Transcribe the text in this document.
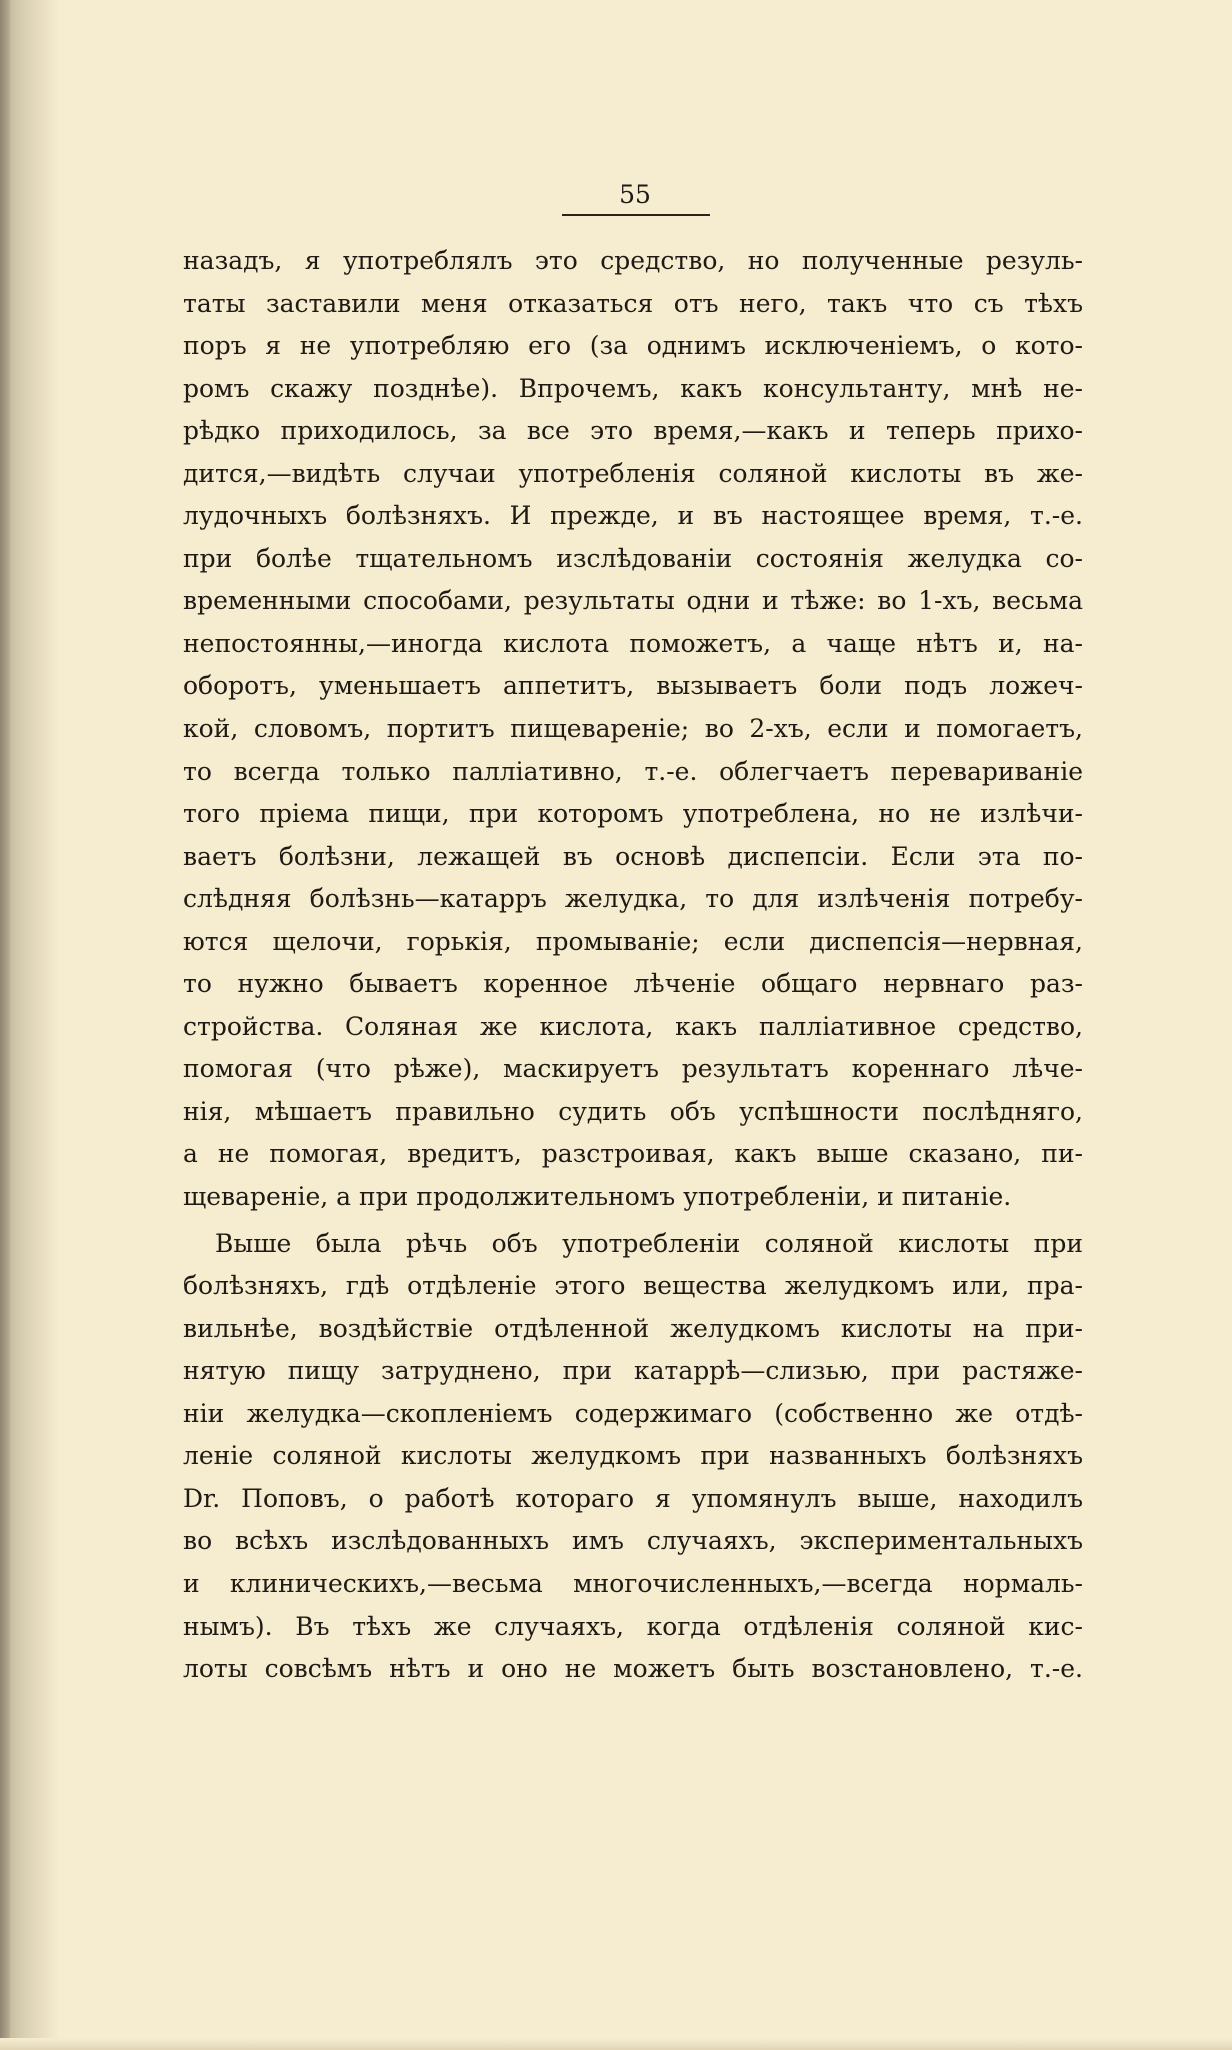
55
назадъ, я употреблялъ это средство, но полученные резуль-
таты заставили меня отказаться отъ него, такъ что съ тѣхъ
поръ я не употребляю его (за однимъ исключеніемъ, о кото-
ромъ скажу позднѣе). Впрочемъ, какъ консультанту, мнѣ не-
рѣдко приходилось, за все это время,—какъ и теперь прихо-
дится,—видѣть случаи употребленія соляной кислоты въ же-
лудочныхъ болѣзняхъ. И прежде, и въ настоящее время, т.-е.
при болѣе тщательномъ изслѣдованіи состоянія желудка со-
временными способами, результаты одни и тѣже: во 1-хъ, весьма
непостоянны,—иногда кислота поможетъ, а чаще нѣтъ и, на-
оборотъ, уменьшаетъ аппетитъ, вызываетъ боли подъ ложеч-
кой, словомъ, портитъ пищевареніе; во 2-хъ, если и помогаетъ,
то всегда только палліативно, т.-е. облегчаетъ перевариваніе
того пріема пищи, при которомъ употреблена, но не излѣчи-
ваетъ болѣзни, лежащей въ основѣ диспепсіи. Если эта по-
слѣдняя болѣзнь—катарръ желудка, то для излѣченія потребу-
ются щелочи, горькія, промываніе; если диспепсія—нервная,
то нужно бываетъ коренное лѣченіе общаго нервнаго раз-
стройства. Соляная же кислота, какъ палліативное средство,
помогая (что рѣже), маскируетъ результатъ кореннаго лѣче-
нія, мѣшаетъ правильно судить объ успѣшности послѣдняго,
а не помогая, вредитъ, разстроивая, какъ выше сказано, пи-
щевареніе, а при продолжительномъ употребленіи, и питаніе.
Выше была рѣчь объ употребленіи соляной кислоты при
болѣзняхъ, гдѣ отдѣленіе этого вещества желудкомъ или, пра-
вильнѣе, воздѣйствіе отдѣленной желудкомъ кислоты на при-
нятую пищу затруднено, при катаррѣ—слизью, при растяже-
ніи желудка—скопленіемъ содержимаго (собственно же отдѣ-
леніе соляной кислоты желудкомъ при названныхъ болѣзняхъ
Dr. Поповъ, о работѣ котораго я упомянулъ выше, находилъ
во всѣхъ изслѣдованныхъ имъ случаяхъ, экспериментальныхъ
и клиническихъ,—весьма многочисленныхъ,—всегда нормаль-
нымъ). Въ тѣхъ же случаяхъ, когда отдѣленія соляной кис-
лоты совсѣмъ нѣтъ и оно не можетъ быть возстановлено, т.-е.
